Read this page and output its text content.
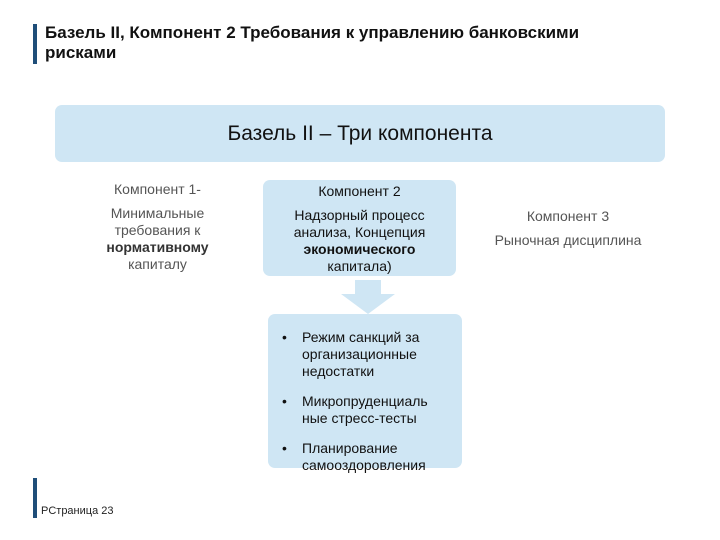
Базель II, Компонент 2 Требования к управлению банковскими рисками
Базель II – Три компонента
Компонент 1-
Минимальные
требования к
нормативному
капиталу
Компонент 2
Надзорный процесс
анализа, Концепция
экономического
капитала)
Компонент 3
Рыночная дисциплина
• Режим санкций за
организационные
недостатки
• Микропруденциаль
ные стресс-тесты
• Планирование
самооздоровления
PСтраница 23
